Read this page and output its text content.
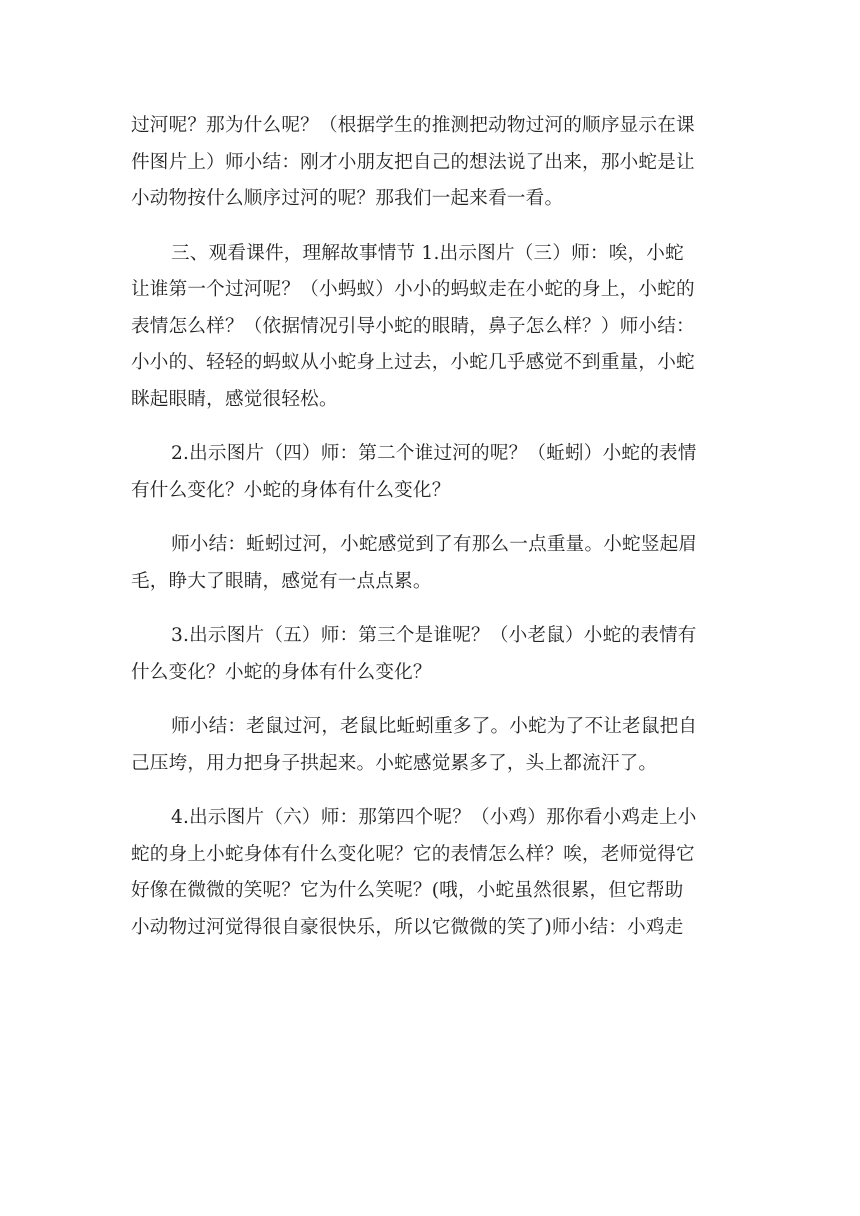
过河呢？那为什么呢？（根据学生的推测把动物过河的顺序显示在课
件图片上）师小结：刚才小朋友把自己的想法说了出来，那小蛇是让
小动物按什么顺序过河的呢？那我们一起来看一看。
三、观看课件，理解故事情节 1.出示图片（三）师：唉，小蛇
让谁第一个过河呢？（小蚂蚁）小小的蚂蚁走在小蛇的身上，小蛇的
表情怎么样？（依据情况引导小蛇的眼睛，鼻子怎么样？）师小结：
小小的、轻轻的蚂蚁从小蛇身上过去，小蛇几乎感觉不到重量，小蛇
眯起眼睛，感觉很轻松。
2.出示图片（四）师：第二个谁过河的呢？（蚯蚓）小蛇的表情
有什么变化？小蛇的身体有什么变化？
师小结：蚯蚓过河，小蛇感觉到了有那么一点重量。小蛇竖起眉
毛，睁大了眼睛，感觉有一点点累。
3.出示图片（五）师：第三个是谁呢？（小老鼠）小蛇的表情有
什么变化？小蛇的身体有什么变化？
师小结：老鼠过河，老鼠比蚯蚓重多了。小蛇为了不让老鼠把自
己压垮，用力把身子拱起来。小蛇感觉累多了，头上都流汗了。
4.出示图片（六）师：那第四个呢？（小鸡）那你看小鸡走上小
蛇的身上小蛇身体有什么变化呢？它的表情怎么样？唉，老师觉得它
好像在微微的笑呢？它为什么笑呢？(哦，小蛇虽然很累，但它帮助
小动物过河觉得很自豪很快乐，所以它微微的笑了)师小结：小鸡走
